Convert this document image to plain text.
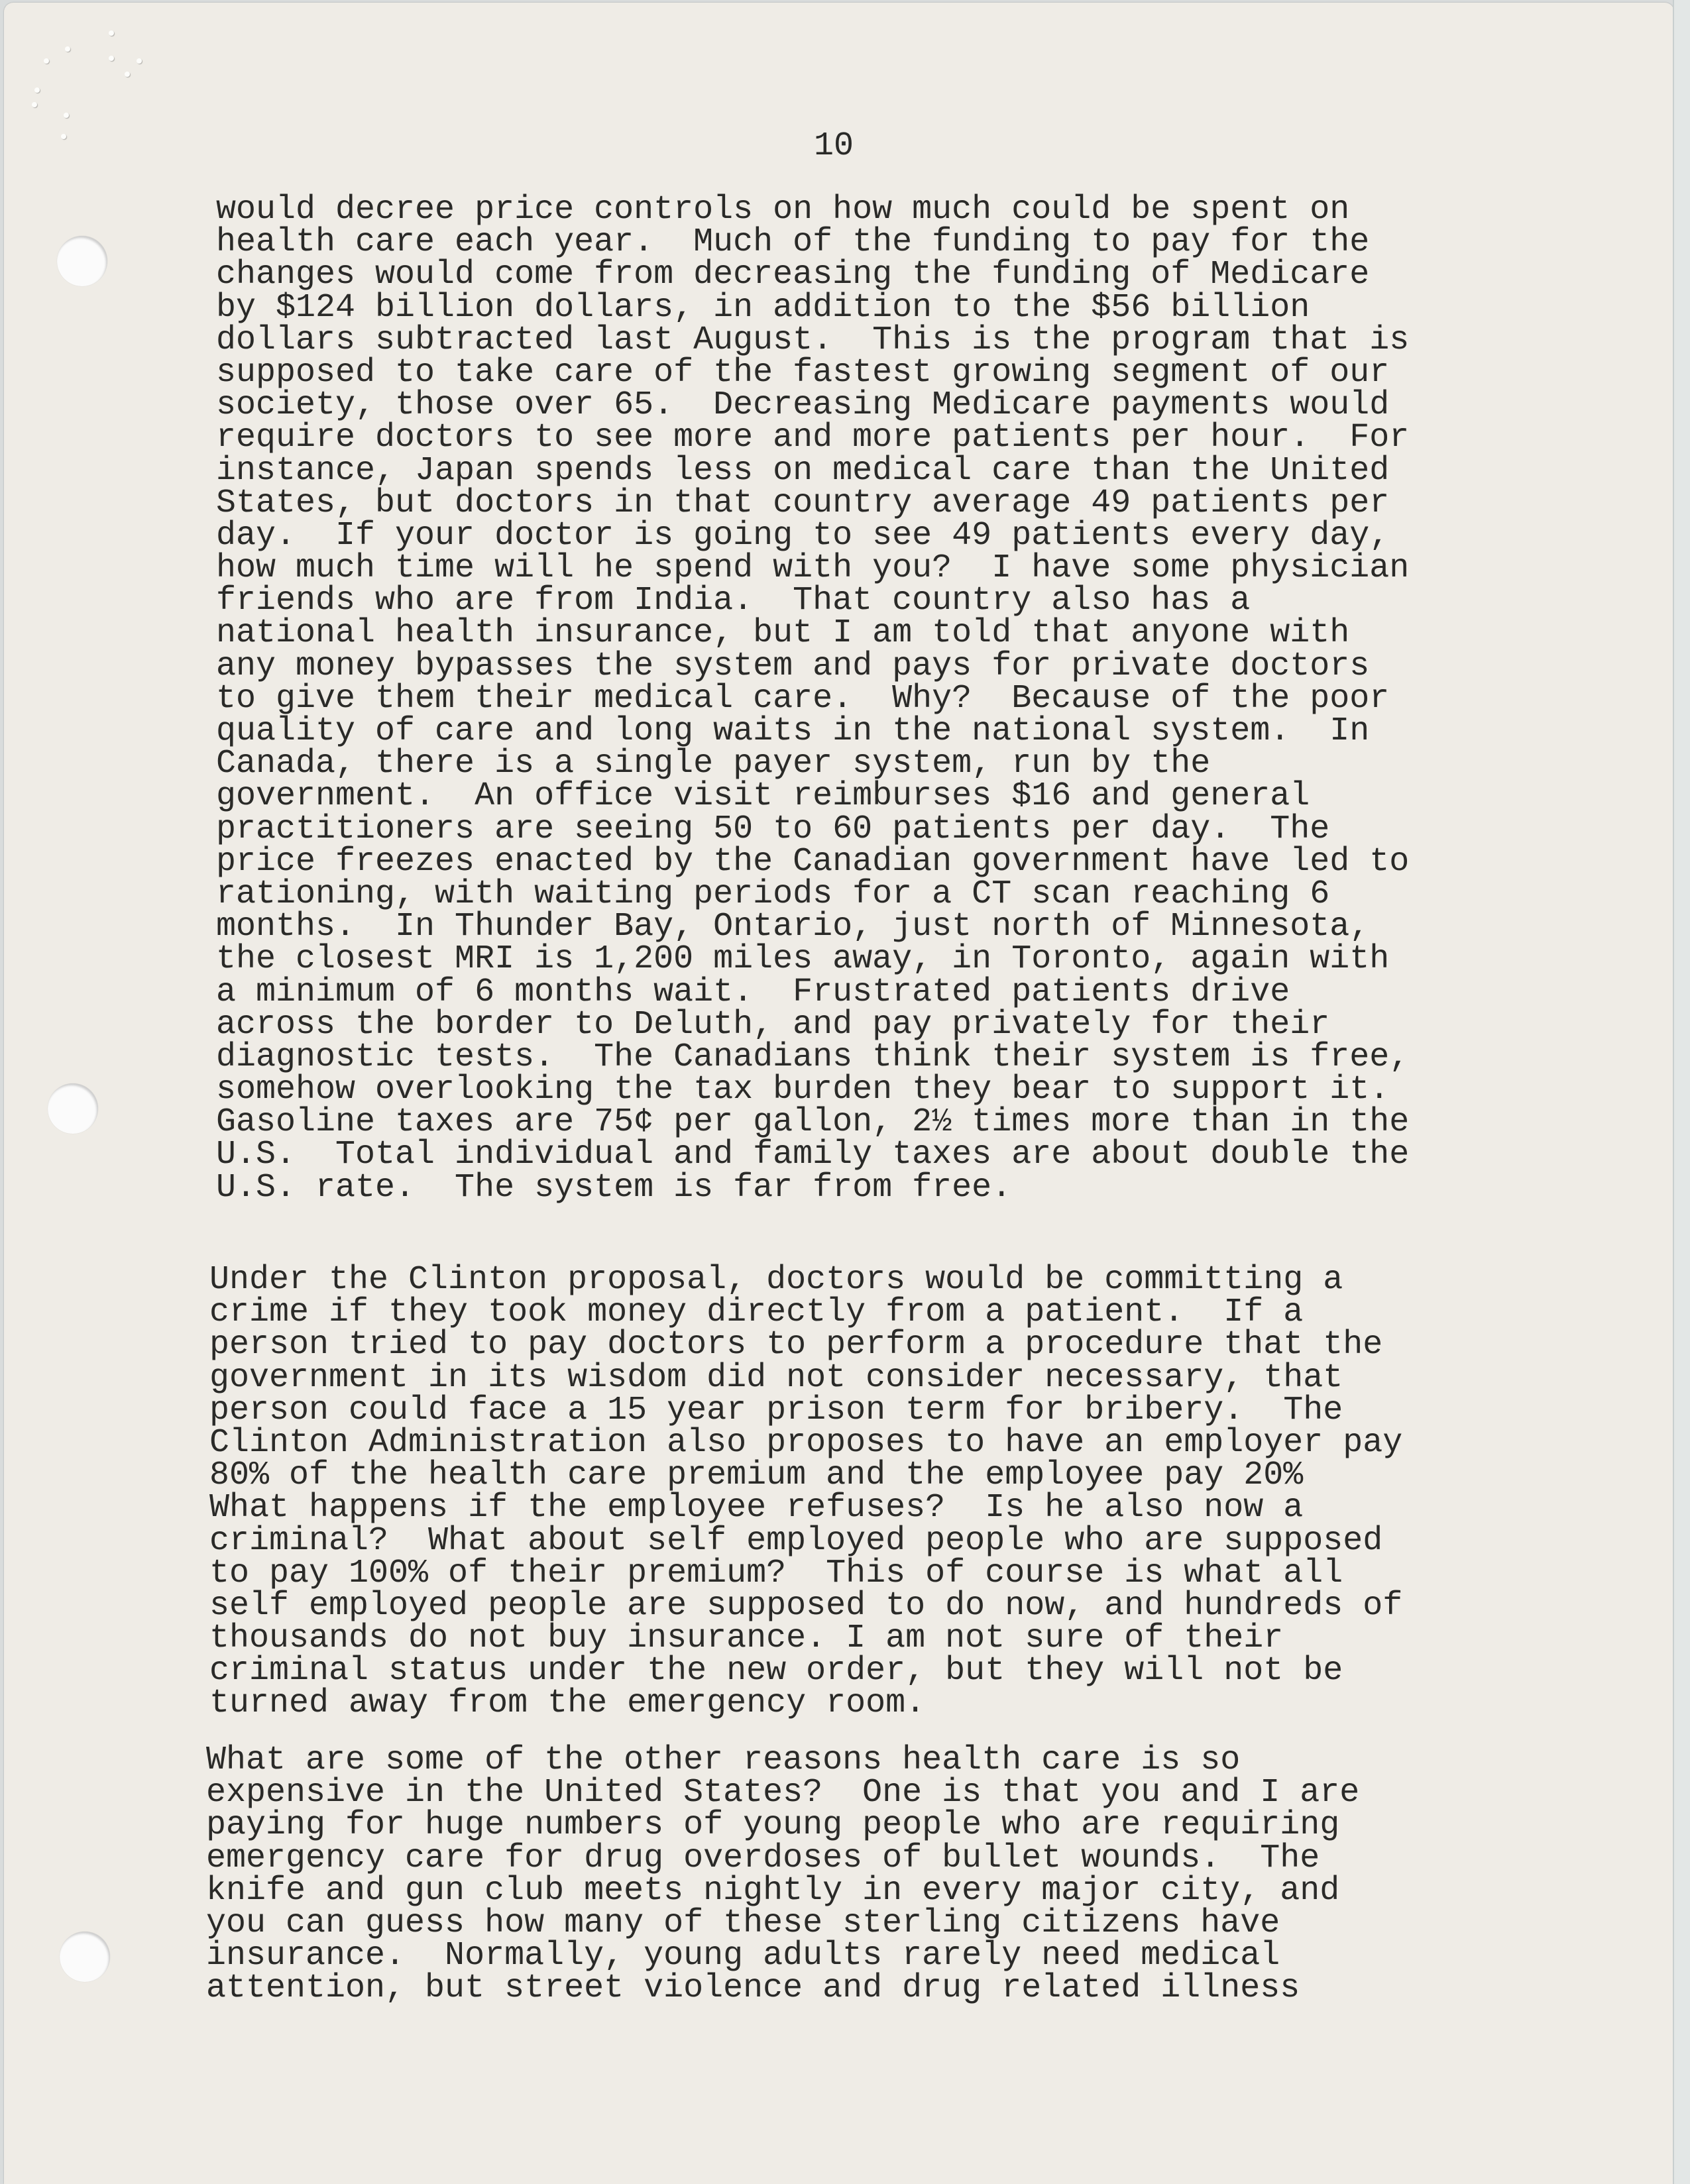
10

would decree price controls on how much could be spent on
health care each year.  Much of the funding to pay for the
changes would come from decreasing the funding of Medicare
by $124 billion dollars, in addition to the $56 billion
dollars subtracted last August.  This is the program that is
supposed to take care of the fastest growing segment of our
society, those over 65.  Decreasing Medicare payments would
require doctors to see more and more patients per hour.  For
instance, Japan spends less on medical care than the United
States, but doctors in that country average 49 patients per
day.  If your doctor is going to see 49 patients every day,
how much time will he spend with you?  I have some physician
friends who are from India.  That country also has a
national health insurance, but I am told that anyone with
any money bypasses the system and pays for private doctors
to give them their medical care.  Why?  Because of the poor
quality of care and long waits in the national system.  In
Canada, there is a single payer system, run by the
government.  An office visit reimburses $16 and general
practitioners are seeing 50 to 60 patients per day.  The
price freezes enacted by the Canadian government have led to
rationing, with waiting periods for a CT scan reaching 6
months.  In Thunder Bay, Ontario, just north of Minnesota,
the closest MRI is 1,200 miles away, in Toronto, again with
a minimum of 6 months wait.  Frustrated patients drive
across the border to Deluth, and pay privately for their
diagnostic tests.  The Canadians think their system is free,
somehow overlooking the tax burden they bear to support it.
Gasoline taxes are 75¢ per gallon, 2½ times more than in the
U.S.  Total individual and family taxes are about double the
U.S. rate.  The system is far from free.
Under the Clinton proposal, doctors would be committing a
crime if they took money directly from a patient.  If a
person tried to pay doctors to perform a procedure that the
government in its wisdom did not consider necessary, that
person could face a 15 year prison term for bribery.  The
Clinton Administration also proposes to have an employer pay
80% of the health care premium and the employee pay 20%
What happens if the employee refuses?  Is he also now a
criminal?  What about self employed people who are supposed
to pay 100% of their premium?  This of course is what all
self employed people are supposed to do now, and hundreds of
thousands do not buy insurance. I am not sure of their
criminal status under the new order, but they will not be
turned away from the emergency room.
What are some of the other reasons health care is so
expensive in the United States?  One is that you and I are
paying for huge numbers of young people who are requiring
emergency care for drug overdoses of bullet wounds.  The
knife and gun club meets nightly in every major city, and
you can guess how many of these sterling citizens have
insurance.  Normally, young adults rarely need medical
attention, but street violence and drug related illness
